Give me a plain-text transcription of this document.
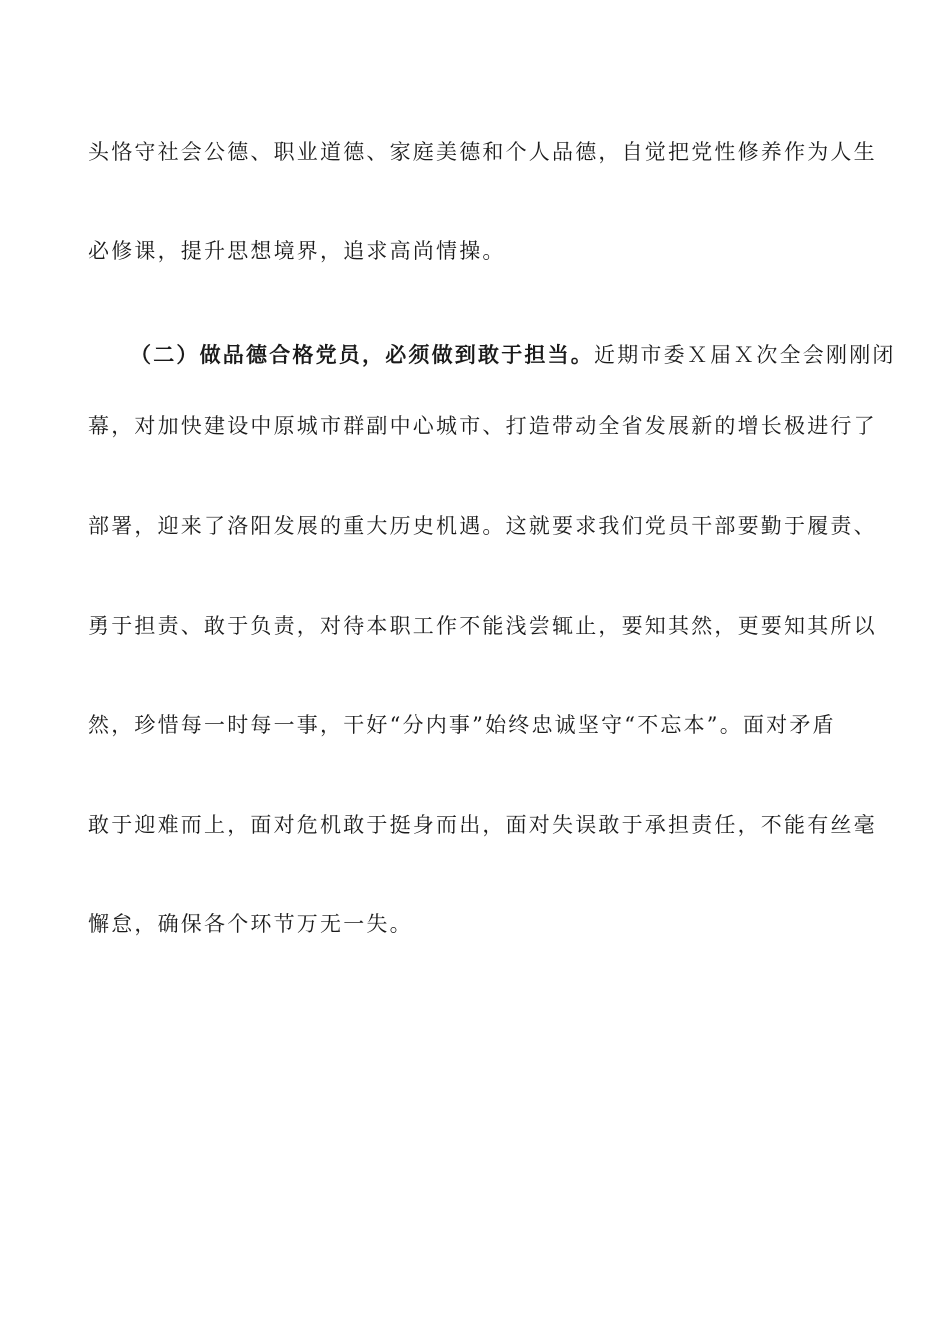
头恪守社会公德、职业道德、家庭美德和个人品德，自觉把党性修养作为人生
必修课，提升思想境界，追求高尚情操。
（二）做品德合格党员，必须做到敢于担当。近期市委Ｘ届Ｘ次全会刚刚闭
幕，对加快建设中原城市群副中心城市、打造带动全省发展新的增长极进行了
部署，迎来了洛阳发展的重大历史机遇。这就要求我们党员干部要勤于履责、
勇于担责、敢于负责，对待本职工作不能浅尝辄止，要知其然，更要知其所以
然，珍惜每一时每一事，干好“分内事”始终忠诚坚守“不忘本”。面对矛盾
敢于迎难而上，面对危机敢于挺身而出，面对失误敢于承担责任，不能有丝毫
懈怠，确保各个环节万无一失。
